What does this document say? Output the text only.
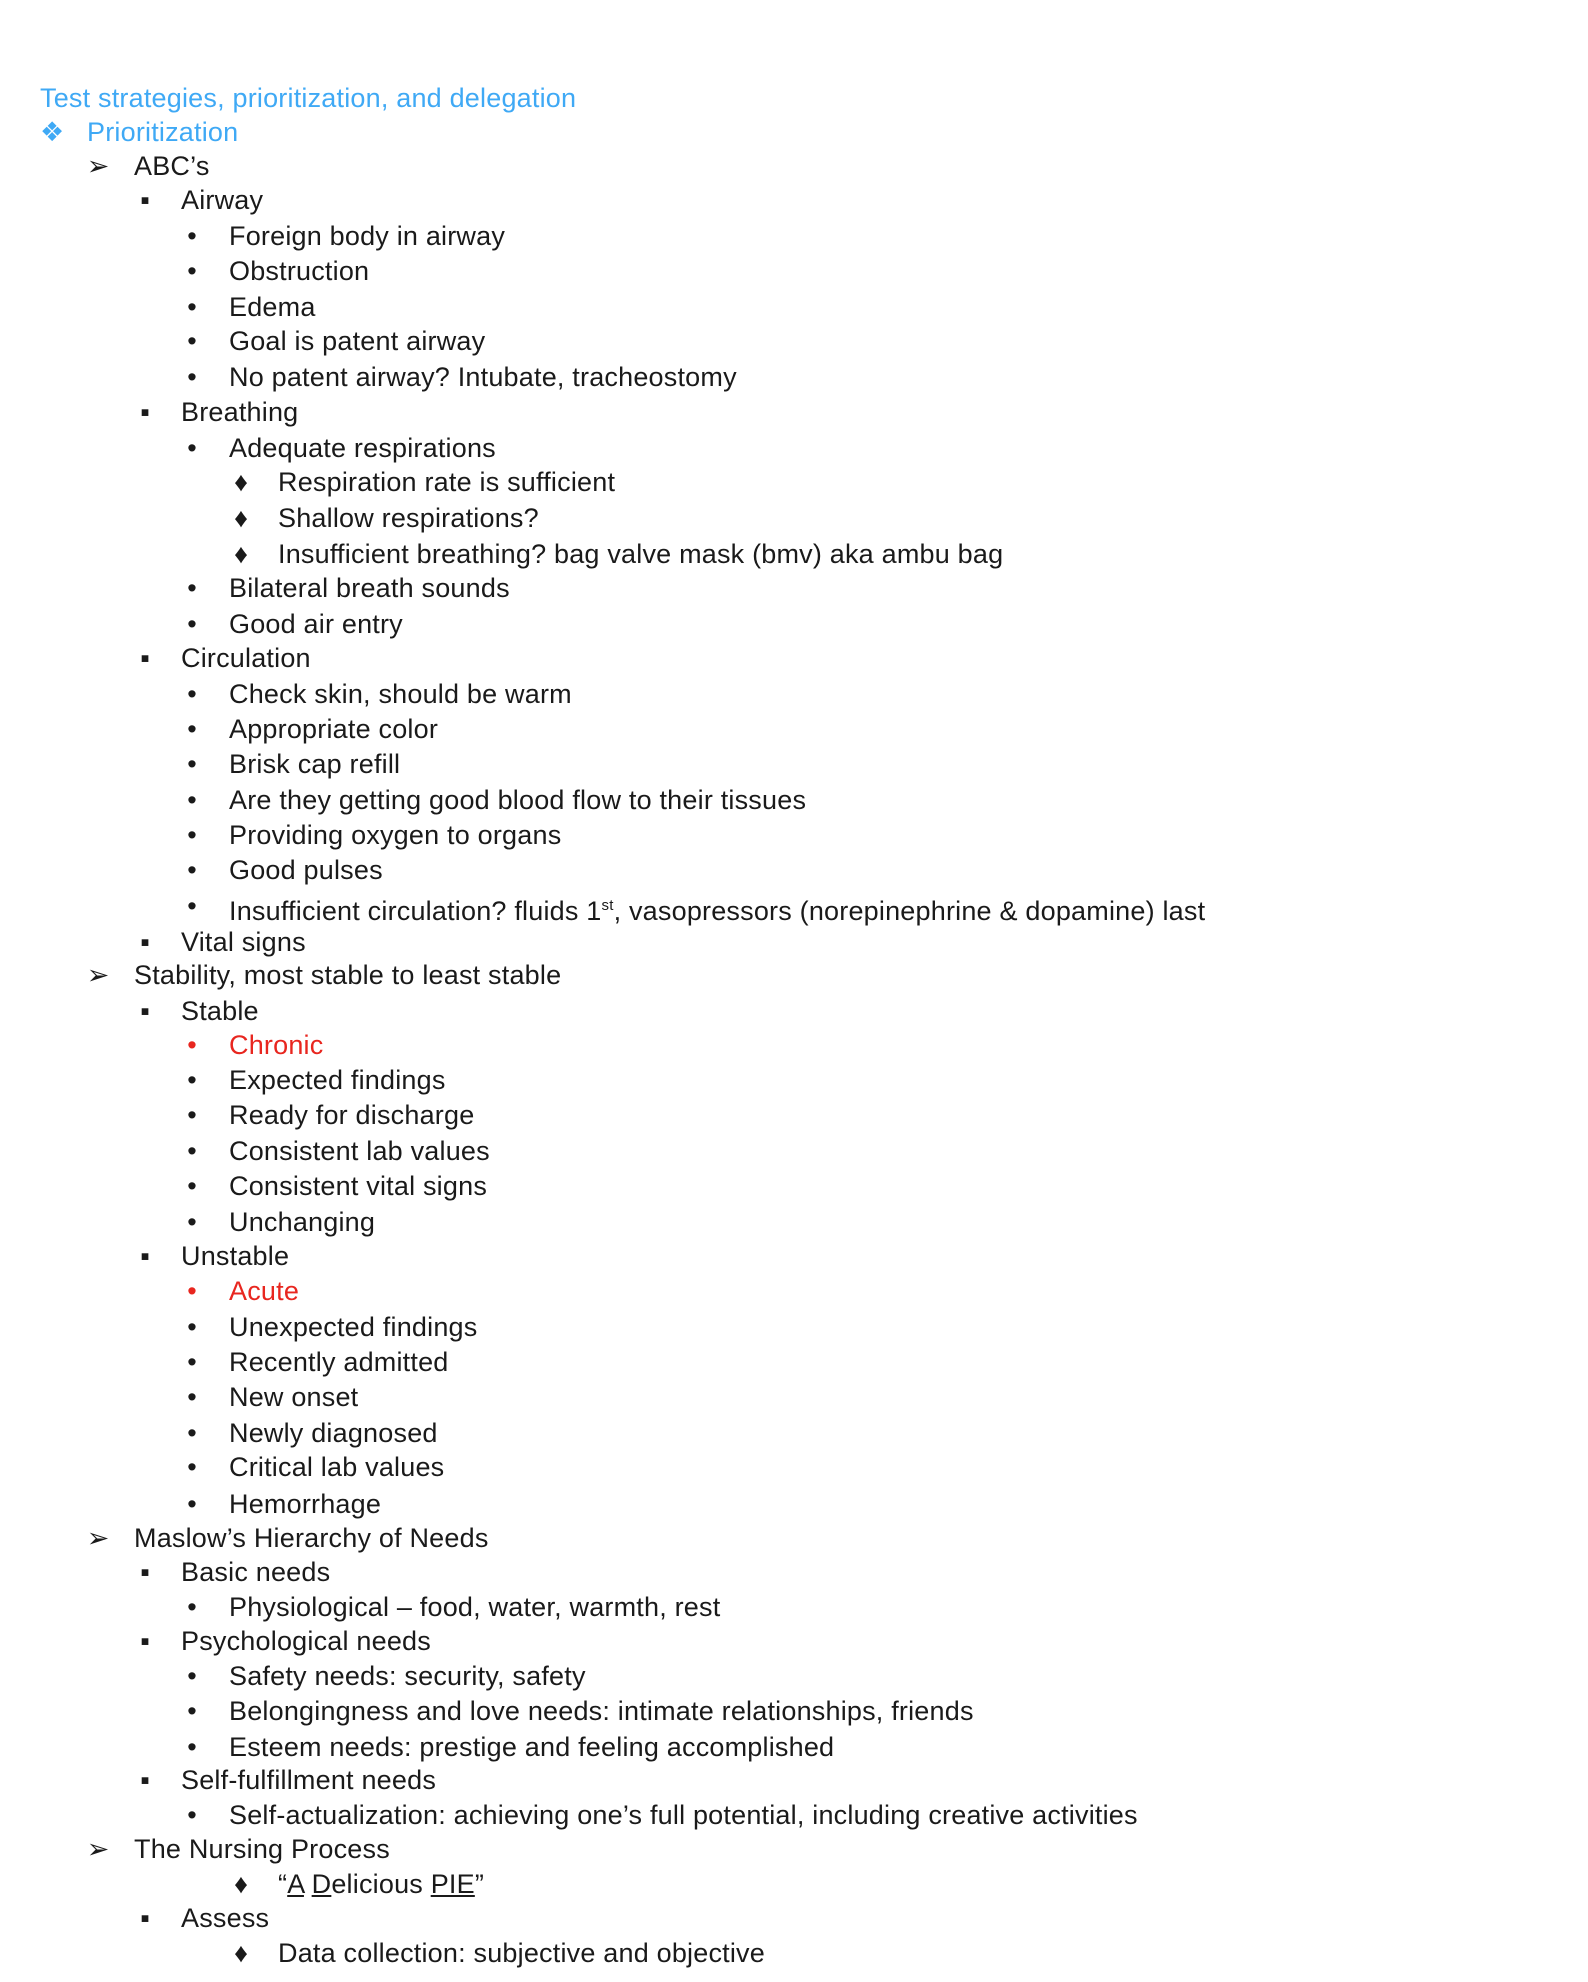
Test strategies, prioritization, and delegation
❖ Prioritization
➢ ABC’s
▪ Airway
• Foreign body in airway
• Obstruction
• Edema
• Goal is patent airway
• No patent airway? Intubate, tracheostomy
▪ Breathing
• Adequate respirations
♦ Respiration rate is sufficient
♦ Shallow respirations?
♦ Insufficient breathing? bag valve mask (bmv) aka ambu bag
• Bilateral breath sounds
• Good air entry
▪ Circulation
• Check skin, should be warm
• Appropriate color
• Brisk cap refill
• Are they getting good blood flow to their tissues
• Providing oxygen to organs
• Good pulses
• Insufficient circulation? fluids 1st, vasopressors (norepinephrine & dopamine) last
▪ Vital signs
➢ Stability, most stable to least stable
▪ Stable
• Chronic
• Expected findings
• Ready for discharge
• Consistent lab values
• Consistent vital signs
• Unchanging
▪ Unstable
• Acute
• Unexpected findings
• Recently admitted
• New onset
• Newly diagnosed
• Critical lab values
• Hemorrhage
➢ Maslow’s Hierarchy of Needs
▪ Basic needs
• Physiological – food, water, warmth, rest
▪ Psychological needs
• Safety needs: security, safety
• Belongingness and love needs: intimate relationships, friends
• Esteem needs: prestige and feeling accomplished
▪ Self-fulfillment needs
• Self-actualization: achieving one’s full potential, including creative activities
➢ The Nursing Process
♦ “A Delicious PIE”
▪ Assess
♦ Data collection: subjective and objective
